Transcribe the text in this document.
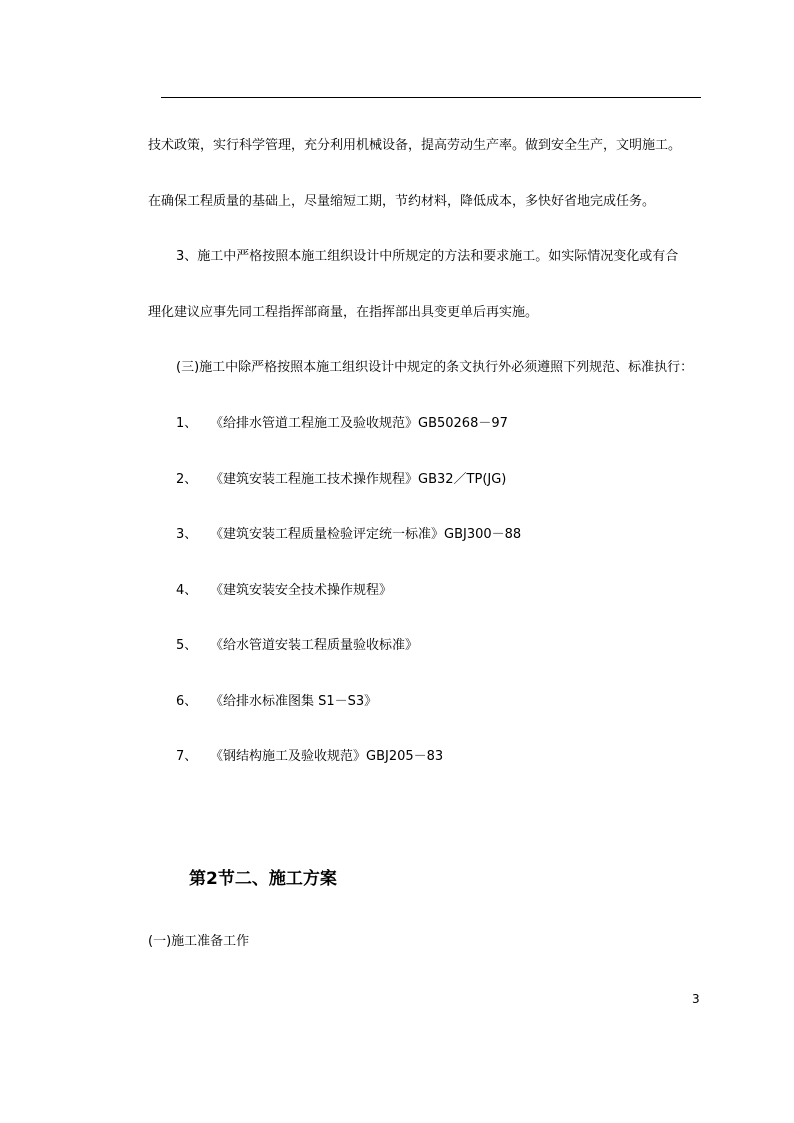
技术政策，实行科学管理，充分利用机械设备，提高劳动生产率。做到安全生产，文明施工。
在确保工程质量的基础上，尽量缩短工期，节约材料，降低成本，多快好省地完成任务。
3、施工中严格按照本施工组织设计中所规定的方法和要求施工。如实际情况变化或有合
理化建议应事先同工程指挥部商量，在指挥部出具变更单后再实施。
(三)施工中除严格按照本施工组织设计中规定的条文执行外必须遵照下列规范、标准执行：
1、 《给排水管道工程施工及验收规范》GB50268－97
2、 《建筑安装工程施工技术操作规程》GB32／TP(JG)
3、 《建筑安装工程质量检验评定统一标准》GBJ300－88
4、 《建筑安装安全技术操作规程》
5、 《给水管道安装工程质量验收标准》
6、 《给排水标准图集 S1－S3》
7、 《钢结构施工及验收规范》GBJ205－83
第2节二、施工方案
(一)施工准备工作
3
